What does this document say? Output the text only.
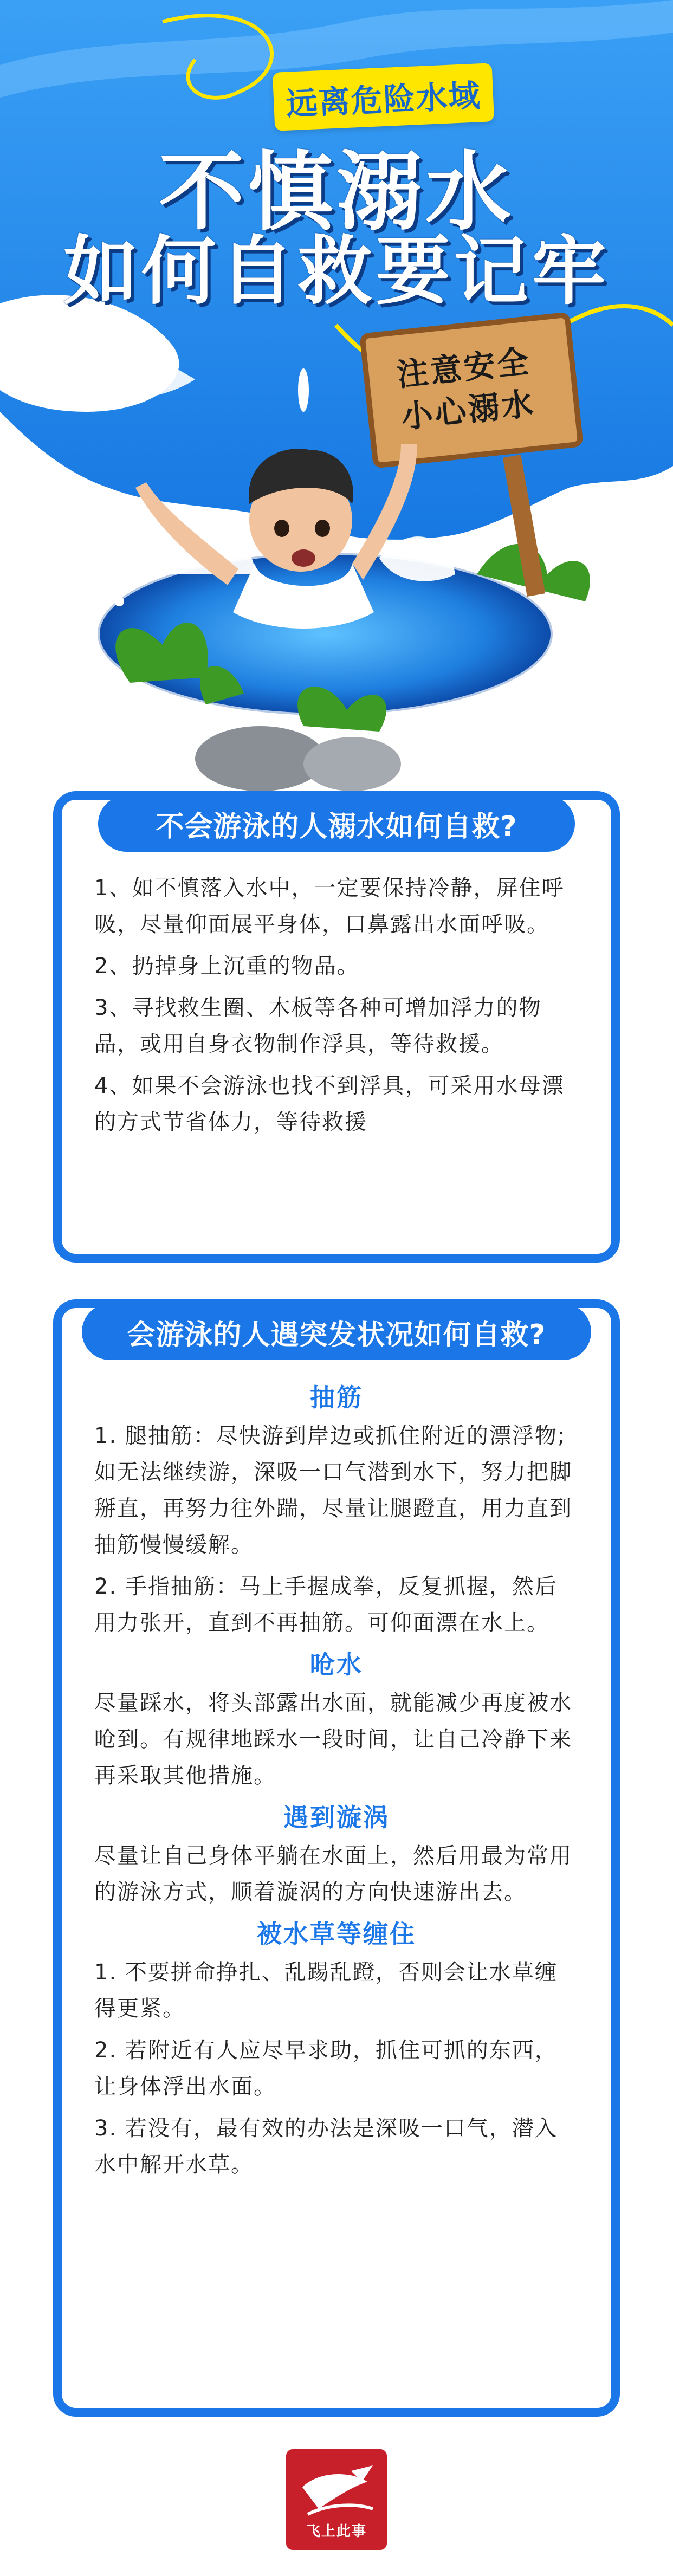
远离危险水域
不慎溺水
如何自救要记牢
注意安全
小心溺水
不会游泳的人溺水如何自救?

1、如不慎落入水中，一定要保持冷静，屏住呼吸，尽量仰面展平身体，口鼻露出水面呼吸。

2、扔掉身上沉重的物品。

3、寻找救生圈、木板等各种可增加浮力的物品，或用自身衣物制作浮具，等待救援。

4、如果不会游泳也找不到浮具，可采用水母漂的方式节省体力，等待救援

会游泳的人遇突发状况如何自救?
抽筋

1. 腿抽筋：尽快游到岸边或抓住附近的漂浮物;如无法继续游，深吸一口气潜到水下，努力把脚掰直，再努力往外踹，尽量让腿蹬直，用力直到抽筋慢慢缓解。

2. 手指抽筋：马上手握成拳，反复抓握，然后用力张开，直到不再抽筋。可仰面漂在水上。

呛水

尽量踩水，将头部露出水面，就能减少再度被水呛到。有规律地踩水一段时间，让自己冷静下来再采取其他措施。

遇到漩涡

尽量让自己身体平躺在水面上，然后用最为常用的游泳方式，顺着漩涡的方向快速游出去。

被水草等缠住

1. 不要拼命挣扎、乱踢乱蹬，否则会让水草缠得更紧。

2. 若附近有人应尽早求助，抓住可抓的东西，让身体浮出水面。

3. 若没有，最有效的办法是深吸一口气，潜入水中解开水草。

飞上此事
